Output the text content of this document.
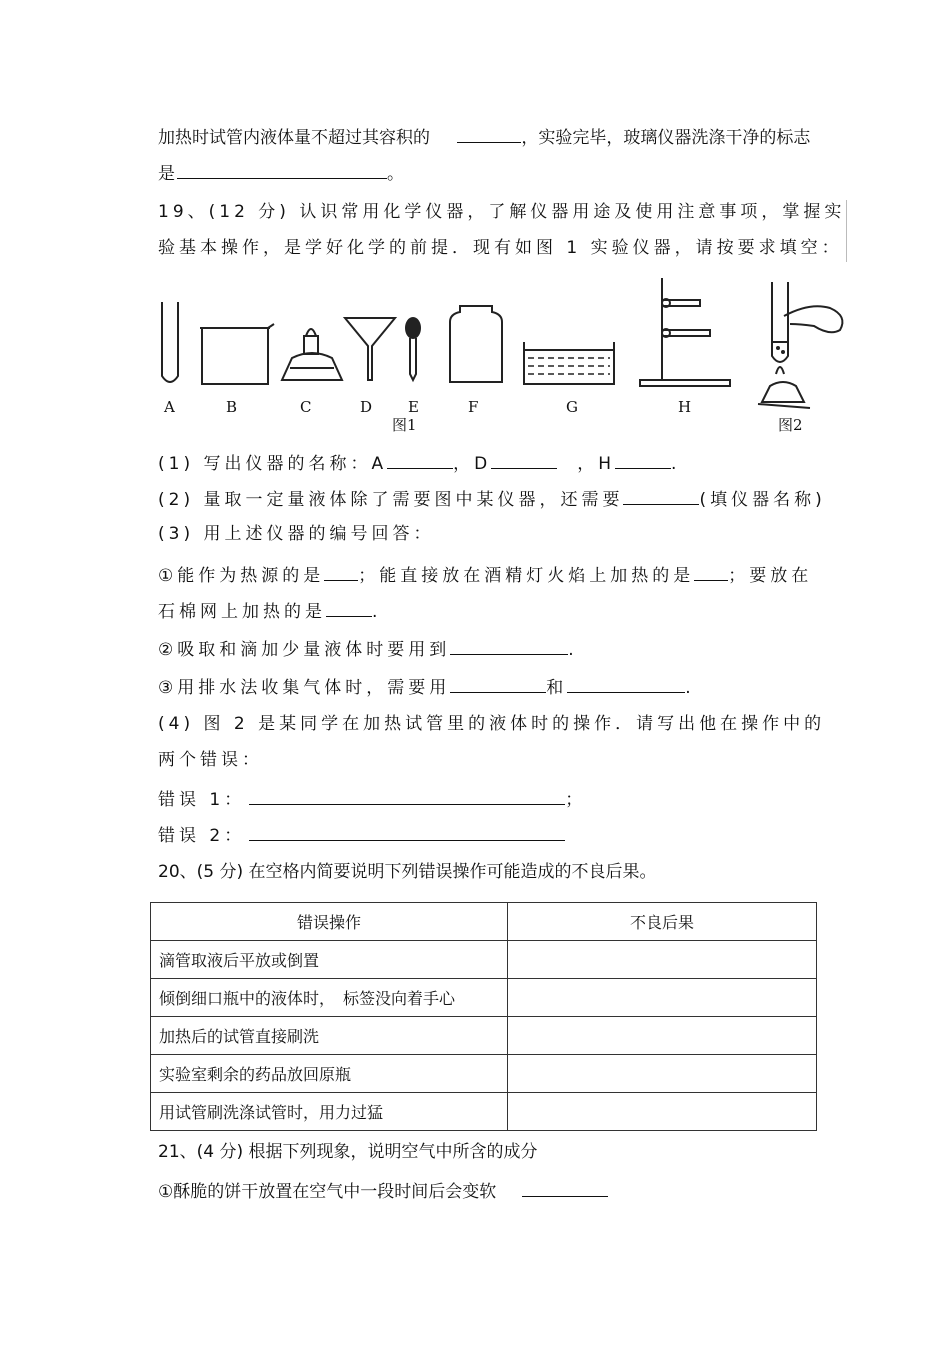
加热时试管内液体量不超过其容积的	，实验完毕，玻璃仪器洗涤干净的标志
是	。
19、(12 分) 认识常用化学仪器，了解仪器用途及使用注意事项，掌握实
验基本操作，是学好化学的前提．现有如图 1 实验仪器，请按要求填空：
A	B	C	D E	F	G	H
图1	图2
(1) 写出仪器的名称：A	，D	，H	.
(2) 量取一定量液体除了需要图中某仪器，还需要	(填仪器名称)
(3) 用上述仪器的编号回答：
①能作为热源的是 ；能直接放在酒精灯火焰上加热的是 ；要放在
石棉网上加热的是	.
②吸取和滴加少量液体时要用到	.
③用排水法收集气体时，需要用	和	.
(4) 图 2 是某同学在加热试管里的液体时的操作．请写出他在操作中的
两个错误：
错误 1：	；
错误 2：
20、(5 分) 在空格内简要说明下列错误操作可能造成的不良后果。
错误操作	不良后果
滴管取液后平放或倒置	
倾倒细口瓶中的液体时，　标签没向着手心	
加热后的试管直接刷洗	
实验室剩余的药品放回原瓶	
用试管刷洗涤试管时，用力过猛	
21、(4 分) 根据下列现象，说明空气中所含的成分
①酥脆的饼干放置在空气中一段时间后会变软
